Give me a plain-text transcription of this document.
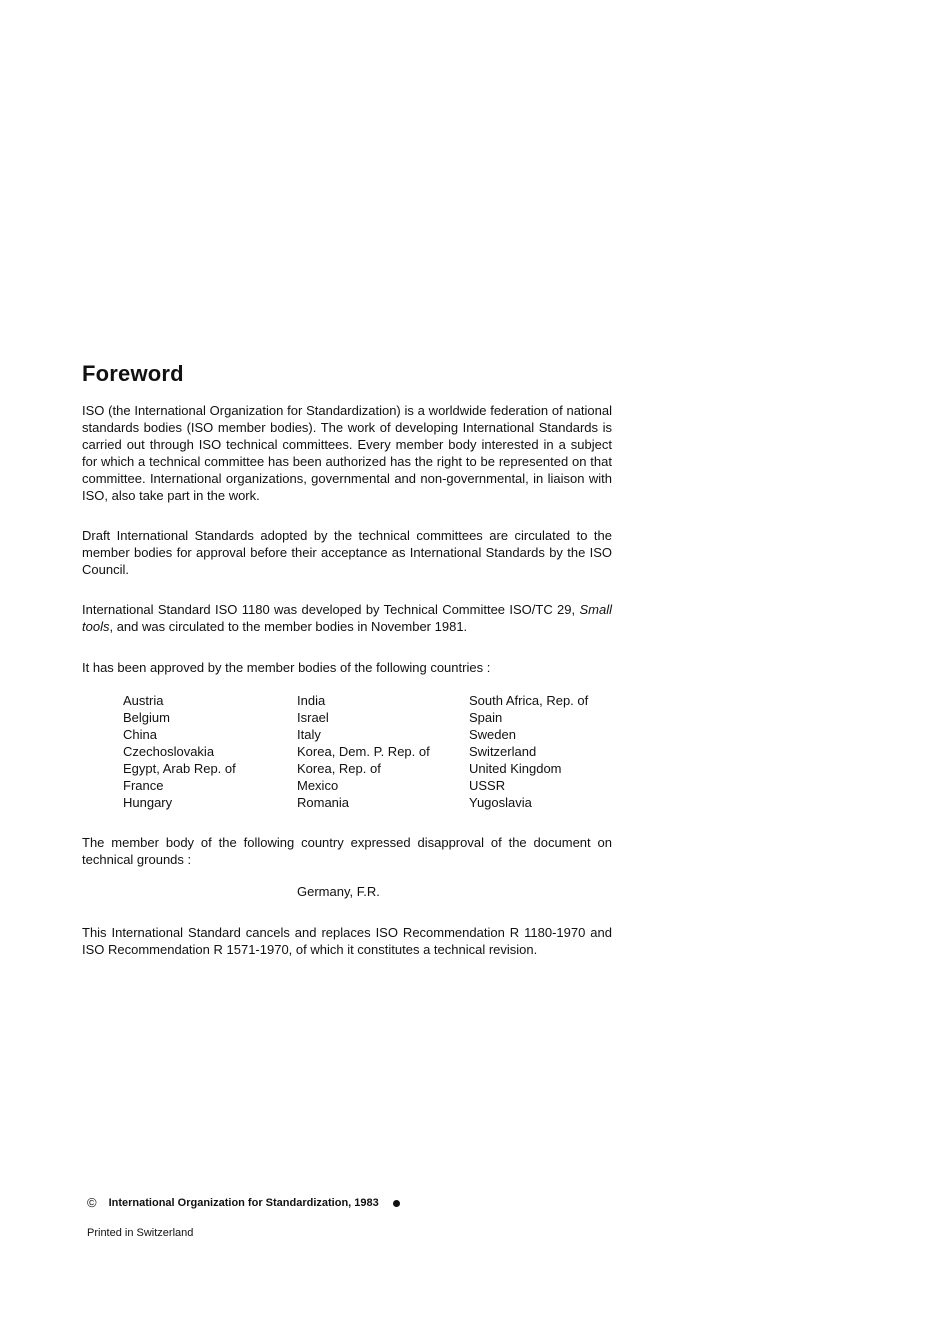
Foreword

ISO (the International Organization for Standardization) is a worldwide federation of national standards bodies (ISO member bodies). The work of developing International Standards is carried out through ISO technical committees. Every member body interested in a subject for which a technical committee has been authorized has the right to be represented on that committee. International organizations, governmental and non-governmental, in liaison with ISO, also take part in the work.

Draft International Standards adopted by the technical committees are circulated to the member bodies for approval before their acceptance as International Standards by the ISO Council.

International Standard ISO 1180 was developed by Technical Committee ISO/TC 29, Small tools, and was circulated to the member bodies in November 1981.

It has been approved by the member bodies of the following countries :

Austria
Belgium
China
Czechoslovakia
Egypt, Arab Rep. of
France
Hungary
India
Israel
Italy
Korea, Dem. P. Rep. of
Korea, Rep. of
Mexico
Romania
South Africa, Rep. of
Spain
Sweden
Switzerland
United Kingdom
USSR
Yugoslavia

The member body of the following country expressed disapproval of the document on technical grounds :

Germany, F.R.

This International Standard cancels and replaces ISO Recommendation R 1180-1970 and ISO Recommendation R 1571-1970, of which it constitutes a technical revision.

© International Organization for Standardization, 1983
Printed in Switzerland
